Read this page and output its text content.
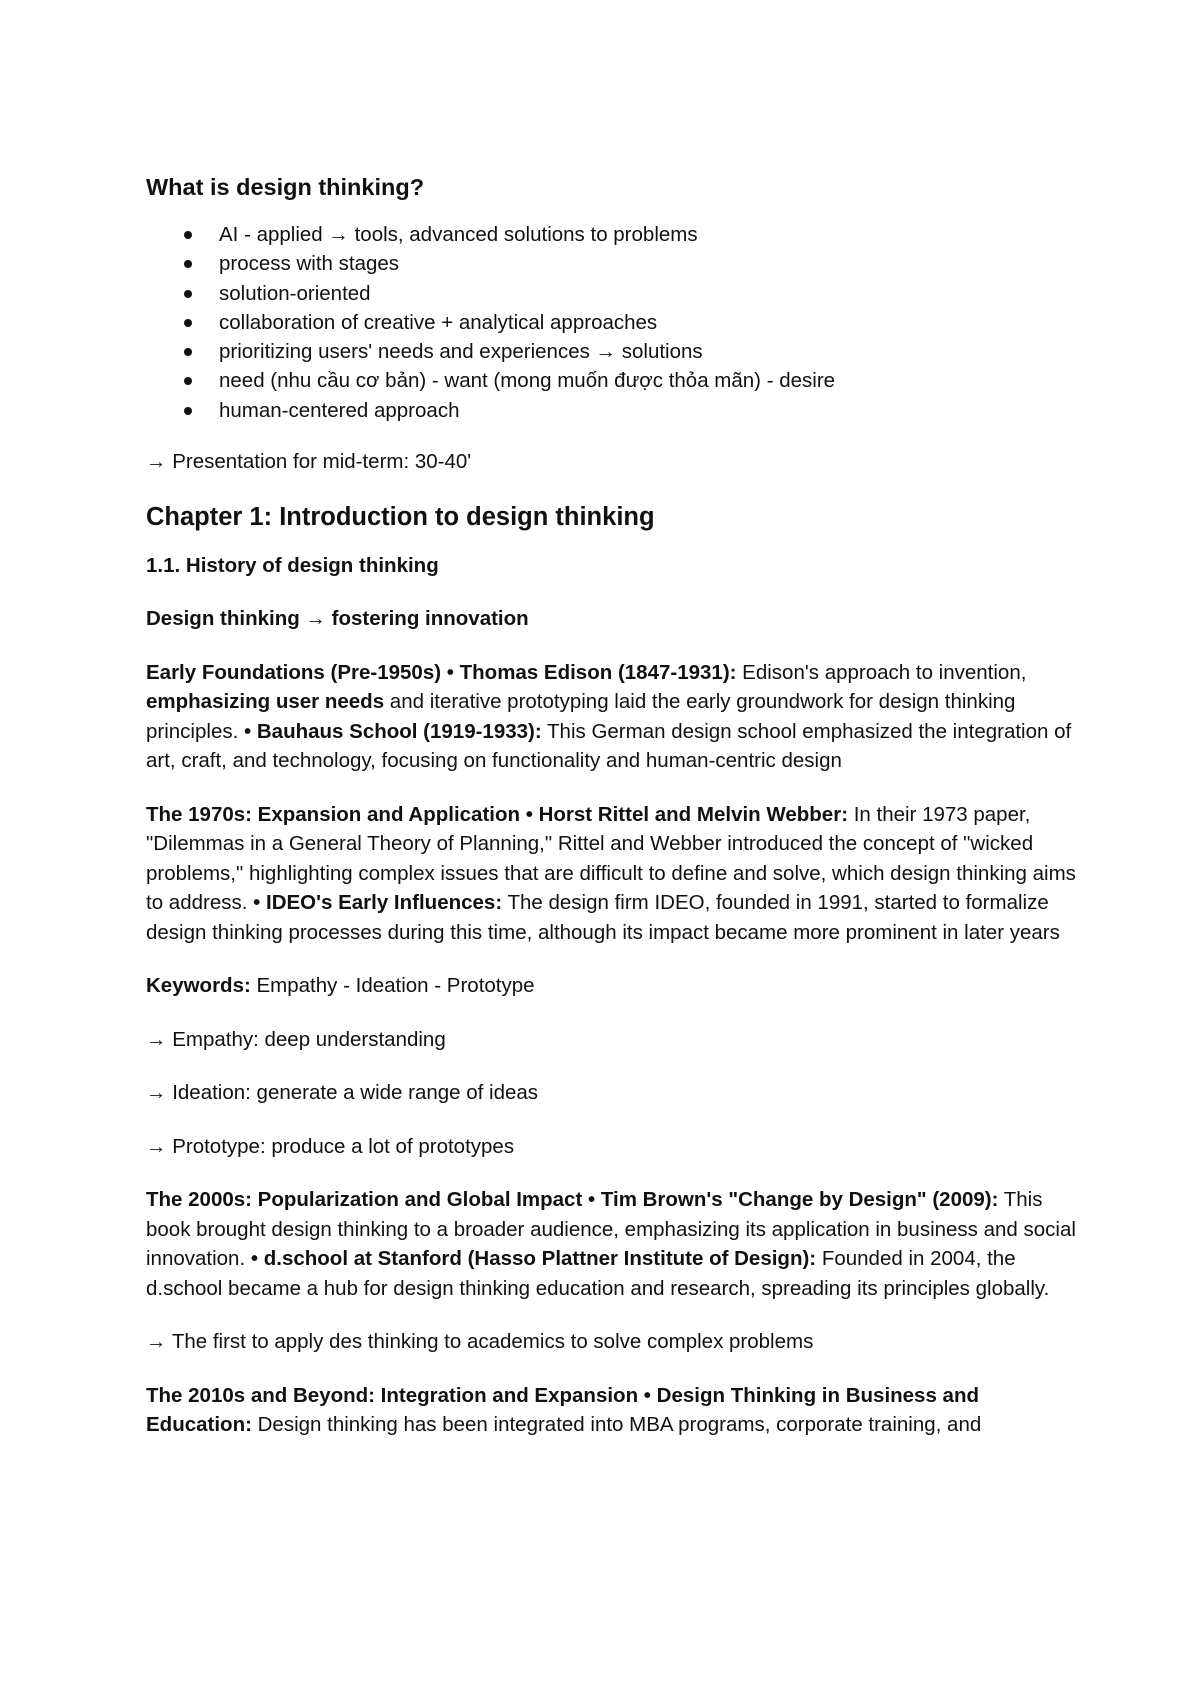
What is design thinking?
AI - applied → tools, advanced solutions to problems
process with stages
solution-oriented
collaboration of creative + analytical approaches
prioritizing users' needs and experiences → solutions
need (nhu cầu cơ bản) - want (mong muốn được thỏa mãn) - desire
human-centered approach

→ Presentation for mid-term: 30-40'

Chapter 1: Introduction to design thinking
1.1. History of design thinking
Design thinking → fostering innovation

Early Foundations (Pre-1950s) • Thomas Edison (1847-1931): Edison's approach to invention, emphasizing user needs and iterative prototyping laid the early groundwork for design thinking principles. • Bauhaus School (1919-1933): This German design school emphasized the integration of art, craft, and technology, focusing on functionality and human-centric design

The 1970s: Expansion and Application • Horst Rittel and Melvin Webber: In their 1973 paper, "Dilemmas in a General Theory of Planning," Rittel and Webber introduced the concept of "wicked problems," highlighting complex issues that are difficult to define and solve, which design thinking aims to address. • IDEO's Early Influences: The design firm IDEO, founded in 1991, started to formalize design thinking processes during this time, although its impact became more prominent in later years

Keywords: Empathy - Ideation - Prototype

→ Empathy: deep understanding

→ Ideation: generate a wide range of ideas

→ Prototype: produce a lot of prototypes

The 2000s: Popularization and Global Impact • Tim Brown's "Change by Design" (2009): This book brought design thinking to a broader audience, emphasizing its application in business and social innovation. • d.school at Stanford (Hasso Plattner Institute of Design): Founded in 2004, the d.school became a hub for design thinking education and research, spreading its principles globally.

→ The first to apply des thinking to academics to solve complex problems

The 2010s and Beyond: Integration and Expansion • Design Thinking in Business and Education: Design thinking has been integrated into MBA programs, corporate training, and
